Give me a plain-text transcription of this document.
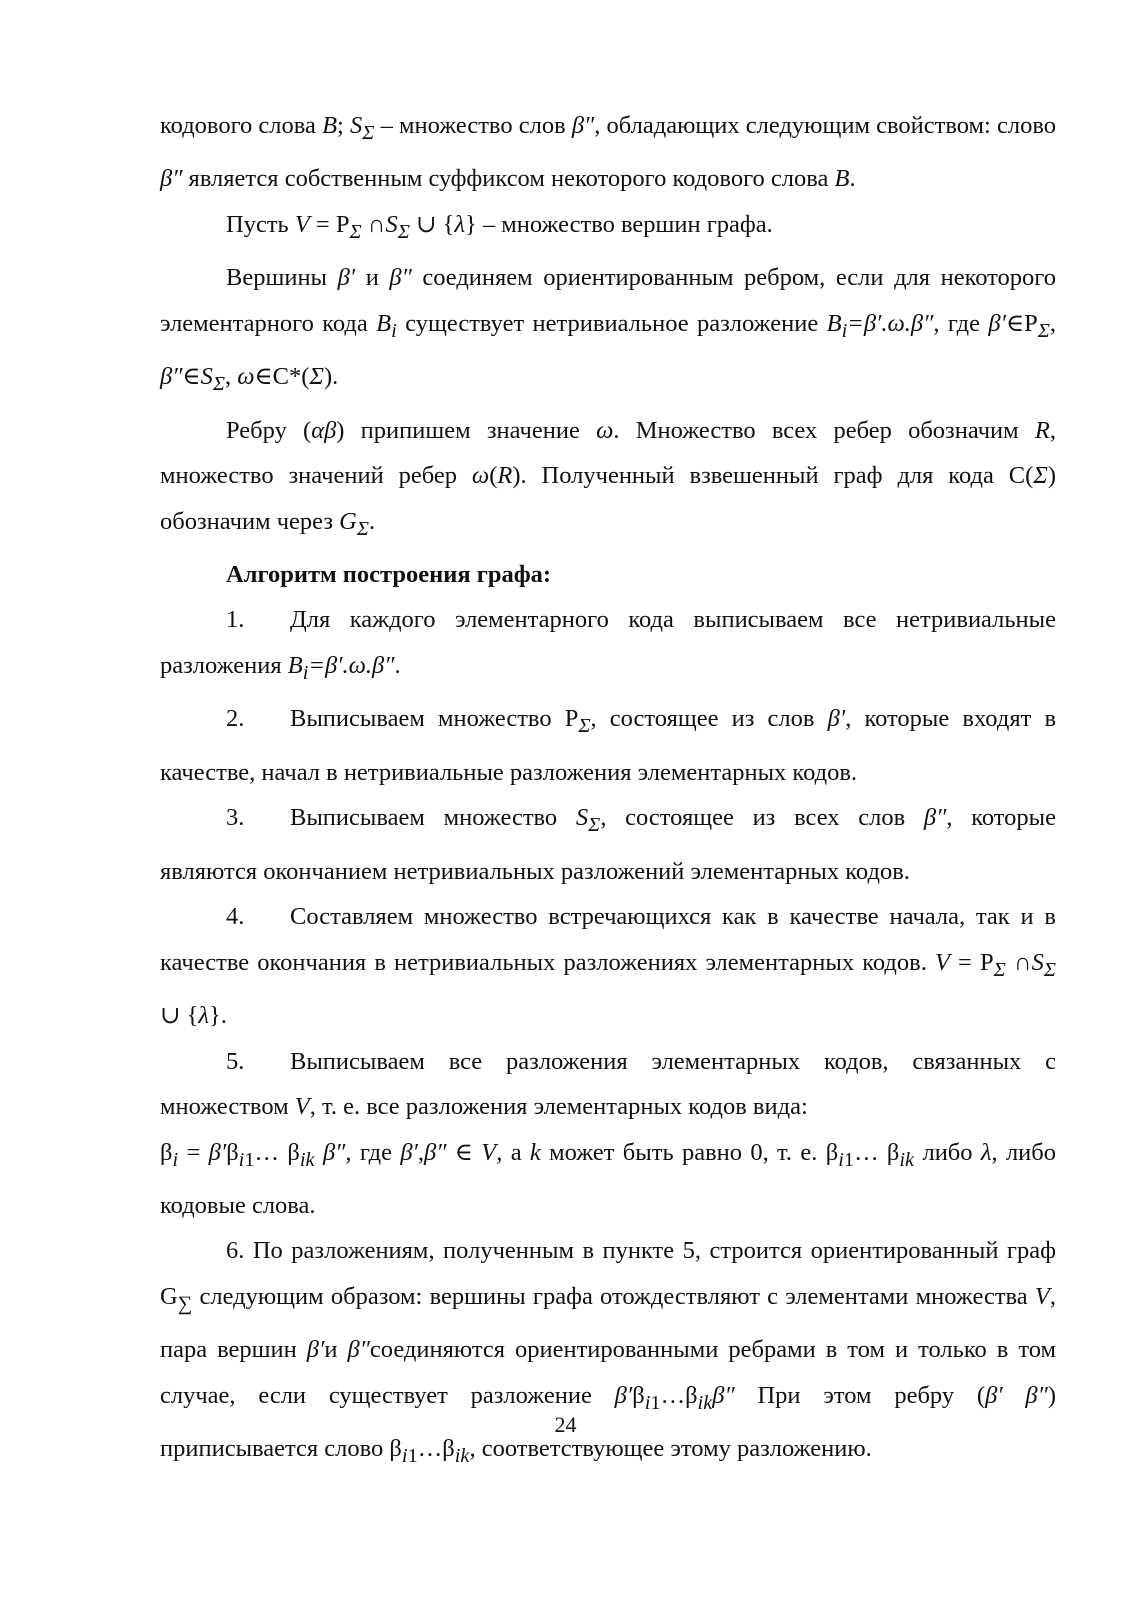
кодового слова B; $S_\Sigma$ – множество слов β″, обладающих следующим свойством: слово β″ является собственным суффиксом некоторого кодового слова B.

Пусть $V = P_\Sigma$ $\cap S_\Sigma$ ∪ {λ} – множество вершин графа.

Вершины β′ и β″ соединяем ориентированным ребром, если для некоторого элементарного кода $B_i$ существует нетривиальное разложение $B_i=\beta'.\omega.\beta''$, где $\beta'\in P_\Sigma$, $\beta''\in S_\Sigma$, ω∈C*(Σ).

Ребру (αβ) припишем значение ω. Множество всех ребер обозначим R, множество значений ребер ω(R). Полученный взвешенный граф для кода C(Σ) обозначим через $G_\Sigma$.

Алгоритм построения графа:

1. Для каждого элементарного кода выписываем все нетривиальные разложения $B_i=\beta'.\omega.\beta''$.

2. Выписываем множество $P_\Sigma$, состоящее из слов β′, которые входят в качестве, начал в нетривиальные разложения элементарных кодов.

3. Выписываем множество $S_\Sigma$, состоящее из всех слов β″, которые являются окончанием нетривиальных разложений элементарных кодов.

4. Составляем множество встречающихся как в качестве начала, так и в качестве окончания в нетривиальных разложениях элементарных кодов. $V = P_\Sigma$ $\cap S_\Sigma$ ∪ {λ}.

5. Выписываем все разложения элементарных кодов, связанных с множеством V, т. е. все разложения элементарных кодов вида:

$\beta_i$ = $\beta'\beta_{i1}\dots$ $\beta_{ik}$ β″, где β′,β″ ∈ V, а k может быть равно 0, т. е. $\beta_{i1}\dots$ $\beta_{ik}$ либо λ, либо кодовые слова.

6. По разложениям, полученным в пункте 5, строится ориентированный граф $G_\sum$ следующим образом: вершины графа отождествляют с элементами множества V, пара вершин β′и β″соединяются ориентированными ребрами в том и только в том случае, если существует разложение $\beta'\beta_{i1}\dots\beta_{ik}\beta''$ При этом ребру (β′ β″) приписывается слово $\beta_{i1}\dots\beta_{ik}$, соответствующее этому разложению.

24
